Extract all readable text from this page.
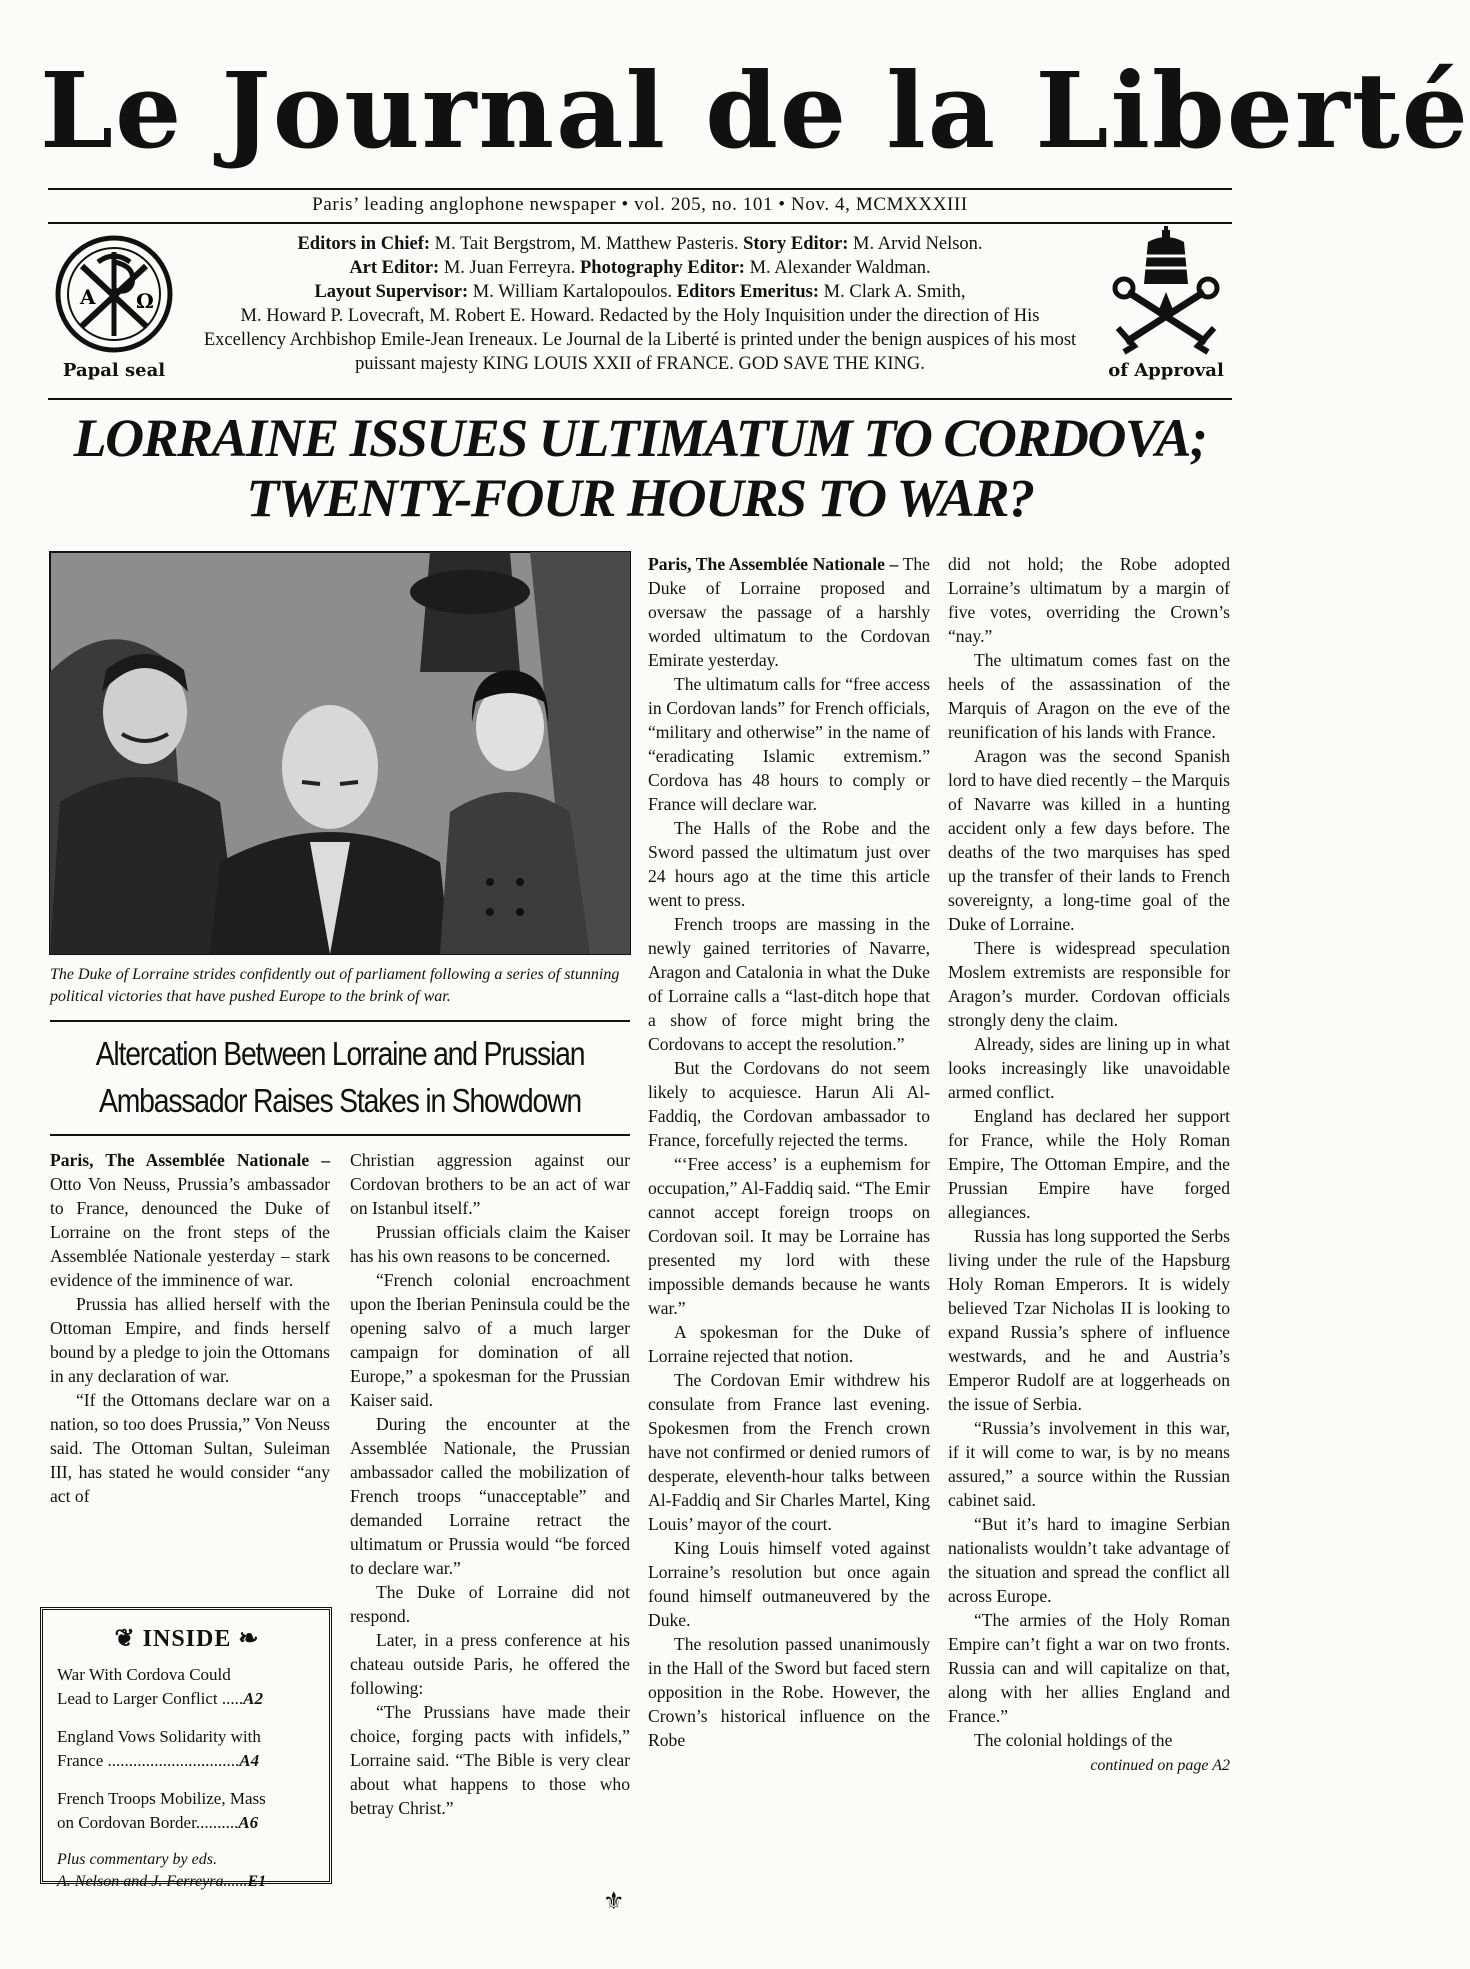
Le Journal de la Liberté
Paris’ leading anglophone newspaper • vol. 205, no. 101 • Nov. 4, MCMXXXIII
A Ω
Papal seal
Editors in Chief: M. Tait Bergstrom, M. Matthew Pasteris. Story Editor: M. Arvid Nelson.
Art Editor: M. Juan Ferreyra. Photography Editor: M. Alexander Waldman.
Layout Supervisor: M. William Kartalopoulos. Editors Emeritus: M. Clark A. Smith,
M. Howard P. Lovecraft, M. Robert E. Howard. Redacted by the Holy Inquisition under the direction of His Excellency Archbishop Emile-Jean Ireneaux. Le Journal de la Liberté is printed under the benign auspices of his most puissant majesty KING LOUIS XXII of FRANCE. GOD SAVE THE KING.	of Approval
LORRAINE ISSUES ULTIMATUM TO CORDOVA;
TWENTY-FOUR HOURS TO WAR?
The Duke of Lorraine strides confidently out of parliament following a series of stunning political victories that have pushed Europe to the brink of war.
Altercation Between Lorraine and Prussian
Ambassador Raises Stakes in Showdown

Paris, The Assemblée Nationale – Otto Von Neuss, Prussia’s ambassador to France, denounced the Duke of Lorraine on the front steps of the Assemblée Nationale yesterday – stark evidence of the imminence of war.

Prussia has allied herself with the Ottoman Empire, and finds herself bound by a pledge to join the Ottomans in any declaration of war.

“If the Ottomans declare war on a nation, so too does Prussia,” Von Neuss said. The Ottoman Sultan, Suleiman III, has stated he would consider “any act of

❦ INSIDE ❧
War With Cordova Could
Lead to Larger Conflict .....A2
England Vows Solidarity with
France ...............................A4
French Troops Mobilize, Mass
on Cordovan Border..........A6
Plus commentary by eds.
A. Nelson and J. Ferreyra......E1

Christian aggression against our Cordovan brothers to be an act of war on Istanbul itself.”

Prussian officials claim the Kaiser has his own reasons to be concerned.

“French colonial encroachment upon the Iberian Peninsula could be the opening salvo of a much larger campaign for domination of all Europe,” a spokesman for the Prussian Kaiser said.

During the encounter at the Assemblée Nationale, the Prussian ambassador called the mobilization of French troops “unacceptable” and demanded Lorraine retract the ultimatum or Prussia would “be forced to declare war.”

The Duke of Lorraine did not respond.

Later, in a press conference at his chateau outside Paris, he offered the following:

“The Prussians have made their choice, forging pacts with infidels,” Lorraine said. “The Bible is very clear about what happens to those who betray Christ.”

⚜

Paris, The Assemblée Nationale – The Duke of Lorraine proposed and oversaw the passage of a harshly worded ultimatum to the Cordovan Emirate yesterday.

The ultimatum calls for “free access in Cordovan lands” for French officials, “military and otherwise” in the name of “eradicating Islamic extremism.” Cordova has 48 hours to comply or France will declare war.

The Halls of the Robe and the Sword passed the ultimatum just over 24 hours ago at the time this article went to press.

French troops are massing in the newly gained territories of Navarre, Aragon and Catalonia in what the Duke of Lorraine calls a “last-ditch hope that a show of force might bring the Cordovans to accept the resolution.”

But the Cordovans do not seem likely to acquiesce. Harun Ali Al-Faddiq, the Cordovan ambassador to France, forcefully rejected the terms.

“‘Free access’ is a euphemism for occupation,” Al-Faddiq said. “The Emir cannot accept foreign troops on Cordovan soil. It may be Lorraine has presented my lord with these impossible demands because he wants war.”

A spokesman for the Duke of Lorraine rejected that notion.

The Cordovan Emir withdrew his consulate from France last evening. Spokesmen from the French crown have not confirmed or denied rumors of desperate, eleventh-hour talks between Al-Faddiq and Sir Charles Martel, King Louis’ mayor of the court.

King Louis himself voted against Lorraine’s resolution but once again found himself outmaneuvered by the Duke.

The resolution passed unanimously in the Hall of the Sword but faced stern opposition in the Robe. However, the Crown’s historical influence on the Robe

did not hold; the Robe adopted Lorraine’s ultimatum by a margin of five votes, overriding the Crown’s “nay.”

The ultimatum comes fast on the heels of the assassination of the Marquis of Aragon on the eve of the reunification of his lands with France.

Aragon was the second Spanish lord to have died recently – the Marquis of Navarre was killed in a hunting accident only a few days before. The deaths of the two marquises has sped up the transfer of their lands to French sovereignty, a long-time goal of the Duke of Lorraine.

There is widespread speculation Moslem extremists are responsible for Aragon’s murder. Cordovan officials strongly deny the claim.

Already, sides are lining up in what looks increasingly like unavoidable armed conflict.

England has declared her support for France, while the Holy Roman Empire, The Ottoman Empire, and the Prussian Empire have forged allegiances.

Russia has long supported the Serbs living under the rule of the Hapsburg Holy Roman Emperors. It is widely believed Tzar Nicholas II is looking to expand Russia’s sphere of influence westwards, and he and Austria’s Emperor Rudolf are at loggerheads on the issue of Serbia.

“Russia’s involvement in this war, if it will come to war, is by no means assured,” a source within the Russian cabinet said.

“But it’s hard to imagine Serbian nationalists wouldn’t take advantage of the situation and spread the conflict all across Europe.

“The armies of the Holy Roman Empire can’t fight a war on two fronts. Russia can and will capitalize on that, along with her allies England and France.”

The colonial holdings of the

continued on page A2
